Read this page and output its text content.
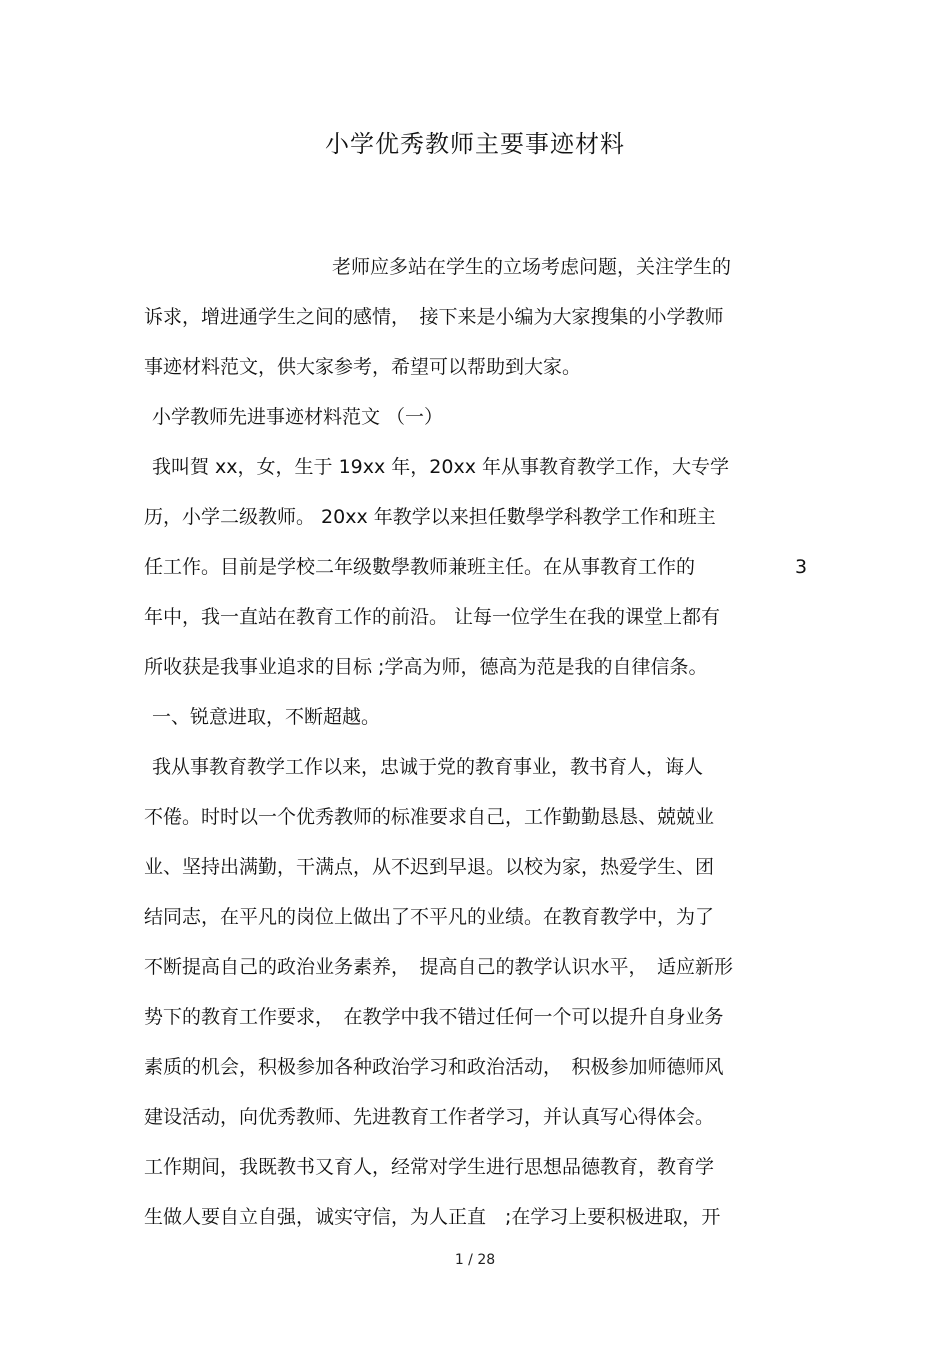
小学优秀教师主要事迹材料
老师应多站在学生的立场考虑问题，关注学生的
诉求，增进通学生之间的感情，　接下来是小编为大家搜集的小学教师
事迹材料范文，供大家参考，希望可以帮助到大家。
小学教师先进事迹材料范文 （一）
我叫賀 xx，女，生于 19xx 年，20xx 年从事教育教学工作，大专学
历，小学二级教师。 20xx 年教学以来担任數學学科教学工作和班主
任工作。目前是学校二年级數學教师兼班主任。在从事教育工作的	3
年中，我一直站在教育工作的前沿。 让每一位学生在我的课堂上都有
所收获是我事业追求的目标 ;学高为师，德高为范是我的自律信条。
一、锐意进取，不断超越。
我从事教育教学工作以来，忠诚于党的教育事业，教书育人，诲人
不倦。时时以一个优秀教师的标准要求自己，工作勤勤恳恳、兢兢业
业、坚持出满勤，干满点，从不迟到早退。以校为家，热爱学生、团
结同志，在平凡的岗位上做出了不平凡的业绩。在教育教学中，为了
不断提高自己的政治业务素养，　提高自己的教学认识水平，　适应新形
势下的教育工作要求，　在教学中我不错过任何一个可以提升自身业务
素质的机会，积极参加各种政治学习和政治活动，　积极参加师德师风
建设活动，向优秀教师、先进教育工作者学习，并认真写心得体会。
工作期间，我既教书又育人，经常对学生进行思想品德教育，教育学
生做人要自立自强，诚实守信，为人正直　;在学习上要积极进取，开
1 / 28
